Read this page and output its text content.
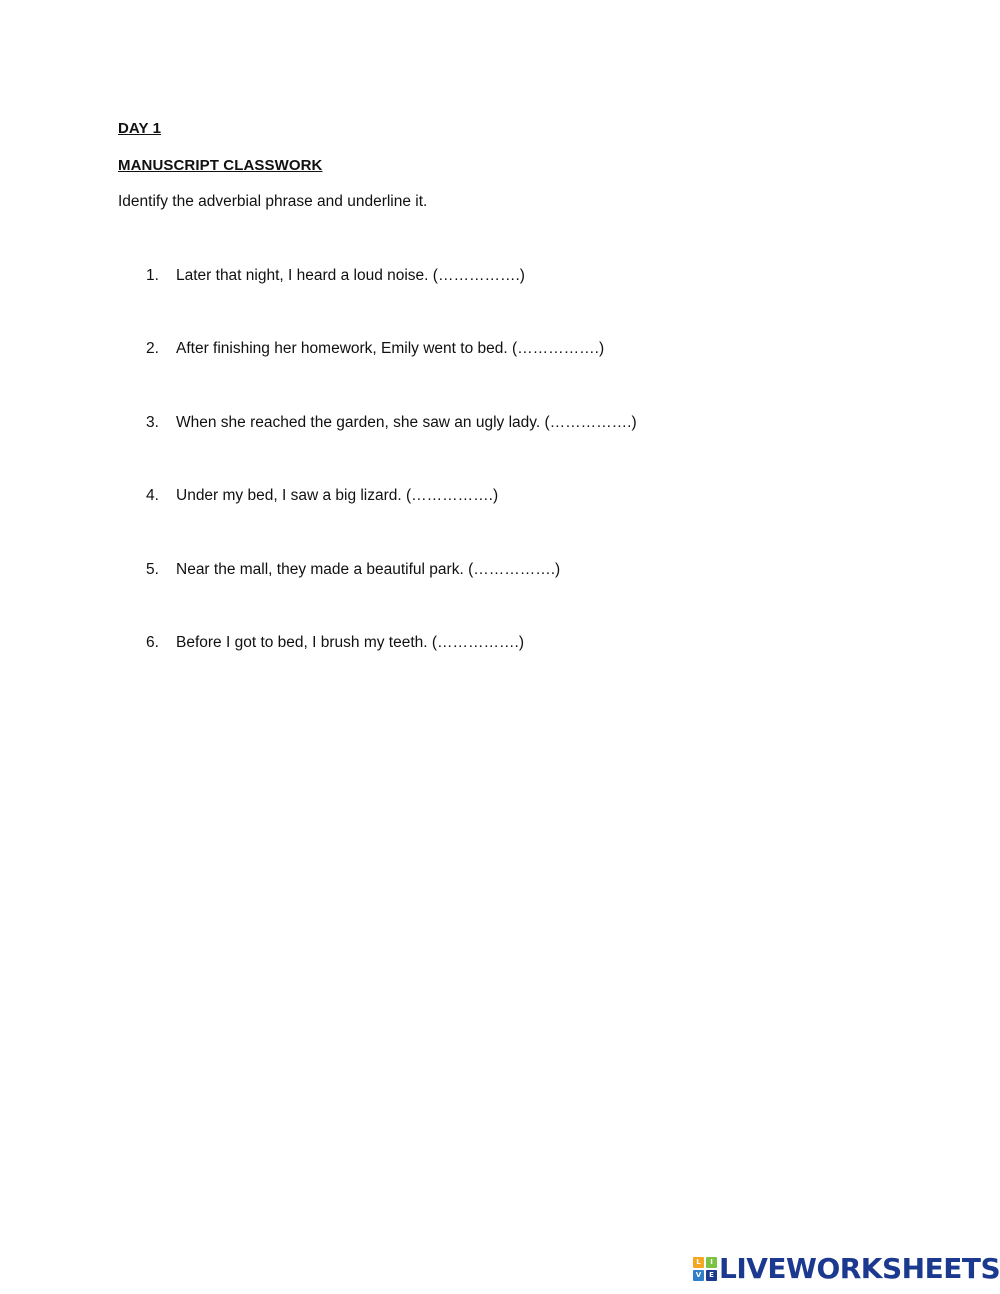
DAY 1
MANUSCRIPT CLASSWORK
Identify the adverbial phrase and underline it.
1.	Later that night, I heard a loud noise. (…………….)
2.	After finishing her homework, Emily went to bed. (…………….)
3.	When she reached the garden, she saw an ugly lady. (…………….)
4.	Under my bed, I saw a big lizard. (…………….)
5.	Near the mall, they made a beautiful park. (…………….)
6.	Before I got to bed, I brush my teeth. (…………….)
L	I
V	E LIVEWORKSHEETS
